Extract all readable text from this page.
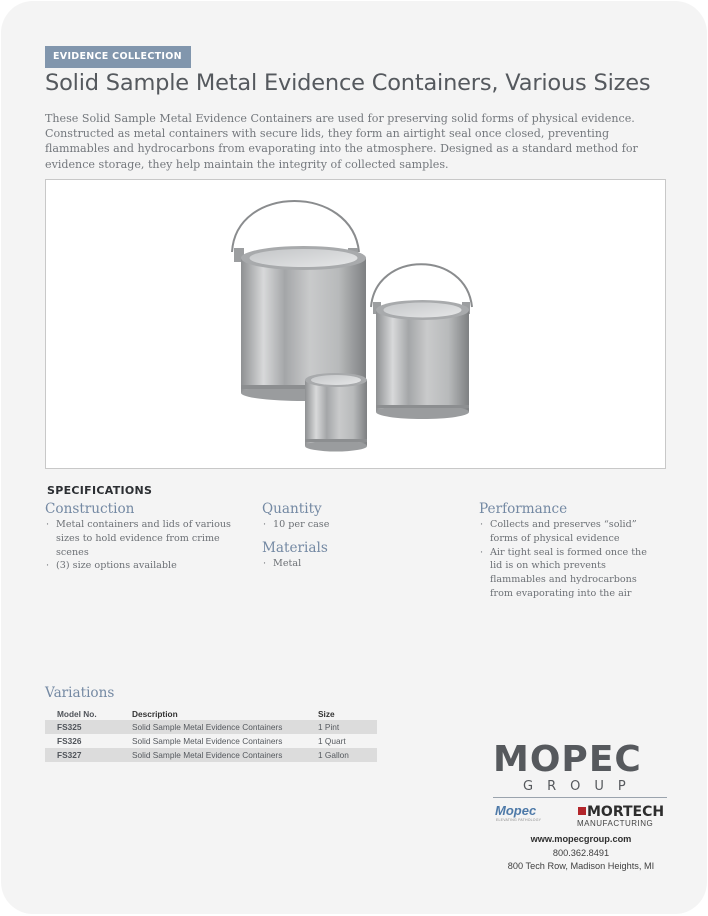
EVIDENCE COLLECTION
Solid Sample Metal Evidence Containers, Various Sizes
These Solid Sample Metal Evidence Containers are used for preserving solid forms of physical evidence. Constructed as metal containers with secure lids, they form an airtight seal once closed, preventing flammables and hydrocarbons from evaporating into the atmosphere. Designed as a standard method for evidence storage, they help maintain the integrity of collected samples.
SPECIFICATIONS
Construction
· Metal containers and lids of various sizes to hold evidence from crime scenes
· (3) size options available
Quantity
· 10 per case
Materials
· Metal
Performance
· Collects and preserves “solid” forms of physical evidence
· Air tight seal is formed once the lid is on which prevents flammables and hydrocarbons from evaporating into the air
Variations
Model No.	Description	Size
FS325	Solid Sample Metal Evidence Containers	1 Pint
FS326	Solid Sample Metal Evidence Containers	1 Quart
FS327	Solid Sample Metal Evidence Containers	1 Gallon	MOPEC
GROUP
Mopec
ELEVATING PATHOLOGY	MORTECH
MANUFACTURING
www.mopecgroup.com
800.362.8491
800 Tech Row, Madison Heights, MI
